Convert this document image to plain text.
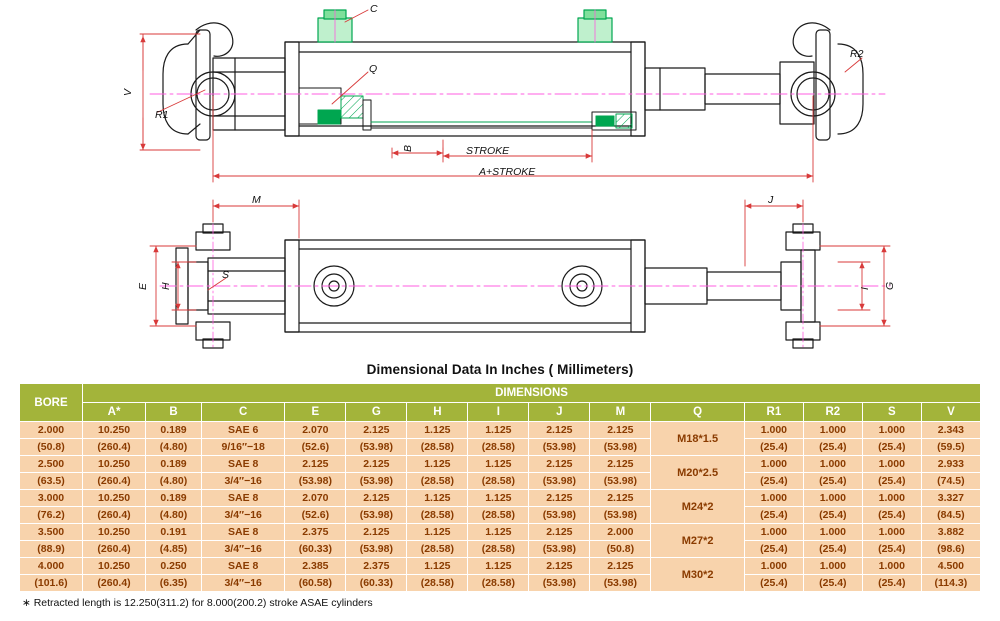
V
R1
R2
C
Q
B	STROKE
A+STROKE
M	J
E H
S
I G
Dimensional Data In Inches ( Millimeters)
BORE	DIMENSIONS													
	A*	B	C	E	G	H	I	J	M	Q	R1	R2	S	V
2.000	10.250	0.189	SAE 6	2.070	2.125	1.125	1.125	2.125	2.125	M18*1.5	1.000	1.000	1.000	2.343
(50.8)	(260.4)	(4.80)	9/16″−18	(52.6)	(53.98)	(28.58)	(28.58)	(53.98)	(53.98)		(25.4)	(25.4)	(25.4)	(59.5)
2.500	10.250	0.189	SAE 8	2.125	2.125	1.125	1.125	2.125	2.125	M20*2.5	1.000	1.000	1.000	2.933
(63.5)	(260.4)	(4.80)	3/4″−16	(53.98)	(53.98)	(28.58)	(28.58)	(53.98)	(53.98)		(25.4)	(25.4)	(25.4)	(74.5)
3.000	10.250	0.189	SAE 8	2.070	2.125	1.125	1.125	2.125	2.125	M24*2	1.000	1.000	1.000	3.327
(76.2)	(260.4)	(4.80)	3/4″−16	(52.6)	(53.98)	(28.58)	(28.58)	(53.98)	(53.98)		(25.4)	(25.4)	(25.4)	(84.5)
3.500	10.250	0.191	SAE 8	2.375	2.125	1.125	1.125	2.125	2.000	M27*2	1.000	1.000	1.000	3.882
(88.9)	(260.4)	(4.85)	3/4″−16	(60.33)	(53.98)	(28.58)	(28.58)	(53.98)	(50.8)		(25.4)	(25.4)	(25.4)	(98.6)
4.000	10.250	0.250	SAE 8	2.385	2.375	1.125	1.125	2.125	2.125	M30*2	1.000	1.000	1.000	4.500
(101.6)	(260.4)	(6.35)	3/4″−16	(60.58)	(60.33)	(28.58)	(28.58)	(53.98)	(53.98)		(25.4)	(25.4)	(25.4)	(114.3)
∗ Retracted length is 12.250(311.2) for 8.000(200.2) stroke ASAE cylinders
